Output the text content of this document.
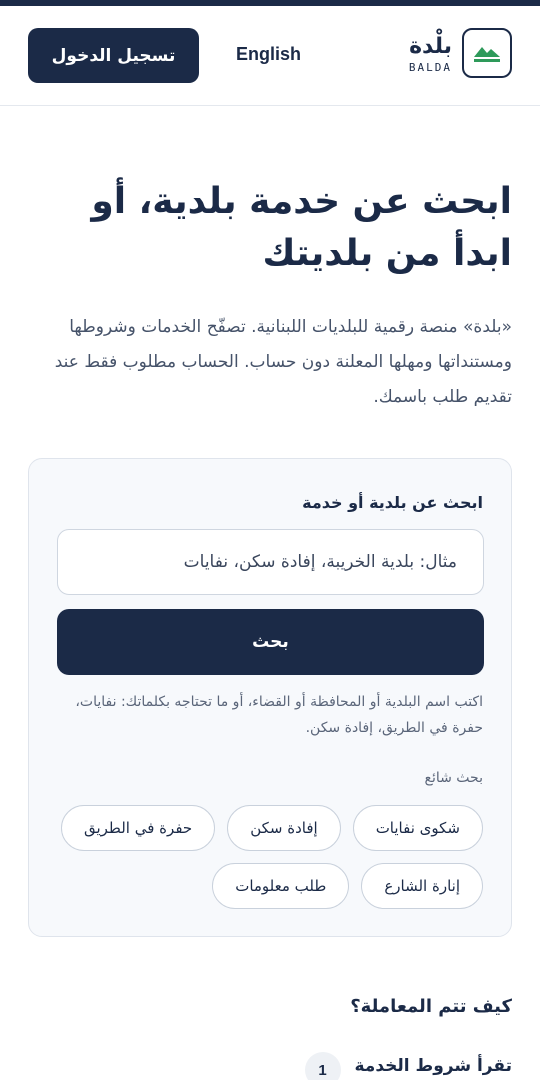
بلْدة
BALDA
English
تسجيل الدخول
ابحث عن خدمة بلدية، أو ابدأ من بلديتك

«بلدة» منصة رقمية للبلديات اللبنانية. تصفّح الخدمات وشروطها ومستنداتها ومهلها المعلنة دون حساب. الحساب مطلوب فقط عند تقديم طلب باسمك.

ابحث عن بلدية أو خدمة
مثال: بلدية الخريبة، إفادة سكن، نفايات
بحث

اكتب اسم البلدية أو المحافظة أو القضاء، أو ما تحتاجه بكلماتك: نفايات، حفرة في الطريق، إفادة سكن.

بحث شائع
شكوى نفايات
إفادة سكن
حفرة في الطريق
إنارة الشارع
طلب معلومات
كيف تتم المعاملة؟
تقرأ شروط الخدمة
1
